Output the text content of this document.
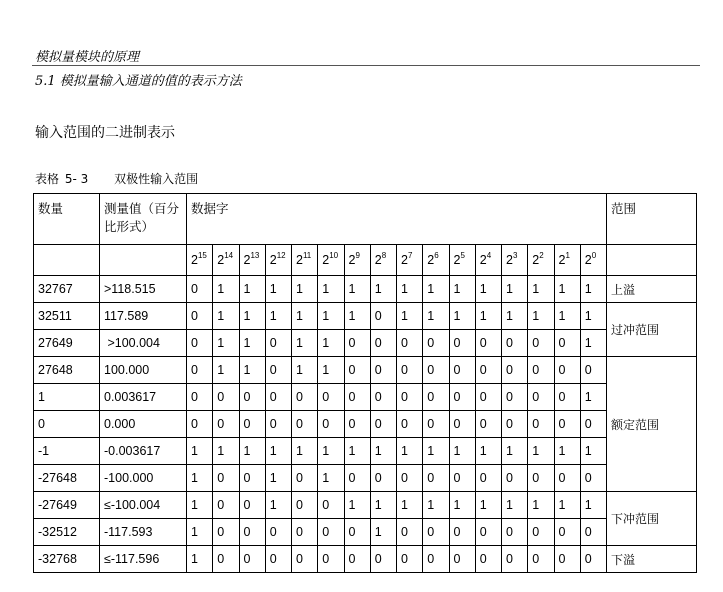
模拟量模块的原理
5.1 模拟量输入通道的值的表示方法
输入范围的二进制表示
表格 5- 3 双极性输入范围
数量	测量值（百分比形式）	数据字																范围
		$2^{15}$	$2^{14}$	$2^{13}$	$2^{12}$	$2^{11}$	$2^{10}$	$2^9$	$2^8$	$2^7$	$2^6$	$2^5$	$2^4$	$2^3$	$2^2$	$2^1$	$2^0$	
32767	>118.515	0	1	1	1	1	1	1	1	1	1	1	1	1	1	1	1	上溢
32511	117.589	0	1	1	1	1	1	1	0	1	1	1	1	1	1	1	1	过冲范围
27649	>100.004	0	1	1	0	1	1	0	0	0	0	0	0	0	0	0	1	
27648	100.000	0	1	1	0	1	1	0	0	0	0	0	0	0	0	0	0	额定范围
1	0.003617	0	0	0	0	0	0	0	0	0	0	0	0	0	0	0	1	
0	0.000	0	0	0	0	0	0	0	0	0	0	0	0	0	0	0	0	
-1	-0.003617	1	1	1	1	1	1	1	1	1	1	1	1	1	1	1	1	
-27648	-100.000	1	0	0	1	0	1	0	0	0	0	0	0	0	0	0	0	
-27649	≤-100.004	1	0	0	1	0	0	1	1	1	1	1	1	1	1	1	1	下冲范围
-32512	-117.593	1	0	0	0	0	0	0	1	0	0	0	0	0	0	0	0	
-32768	≤-117.596	1	0	0	0	0	0	0	0	0	0	0	0	0	0	0	0	下溢
